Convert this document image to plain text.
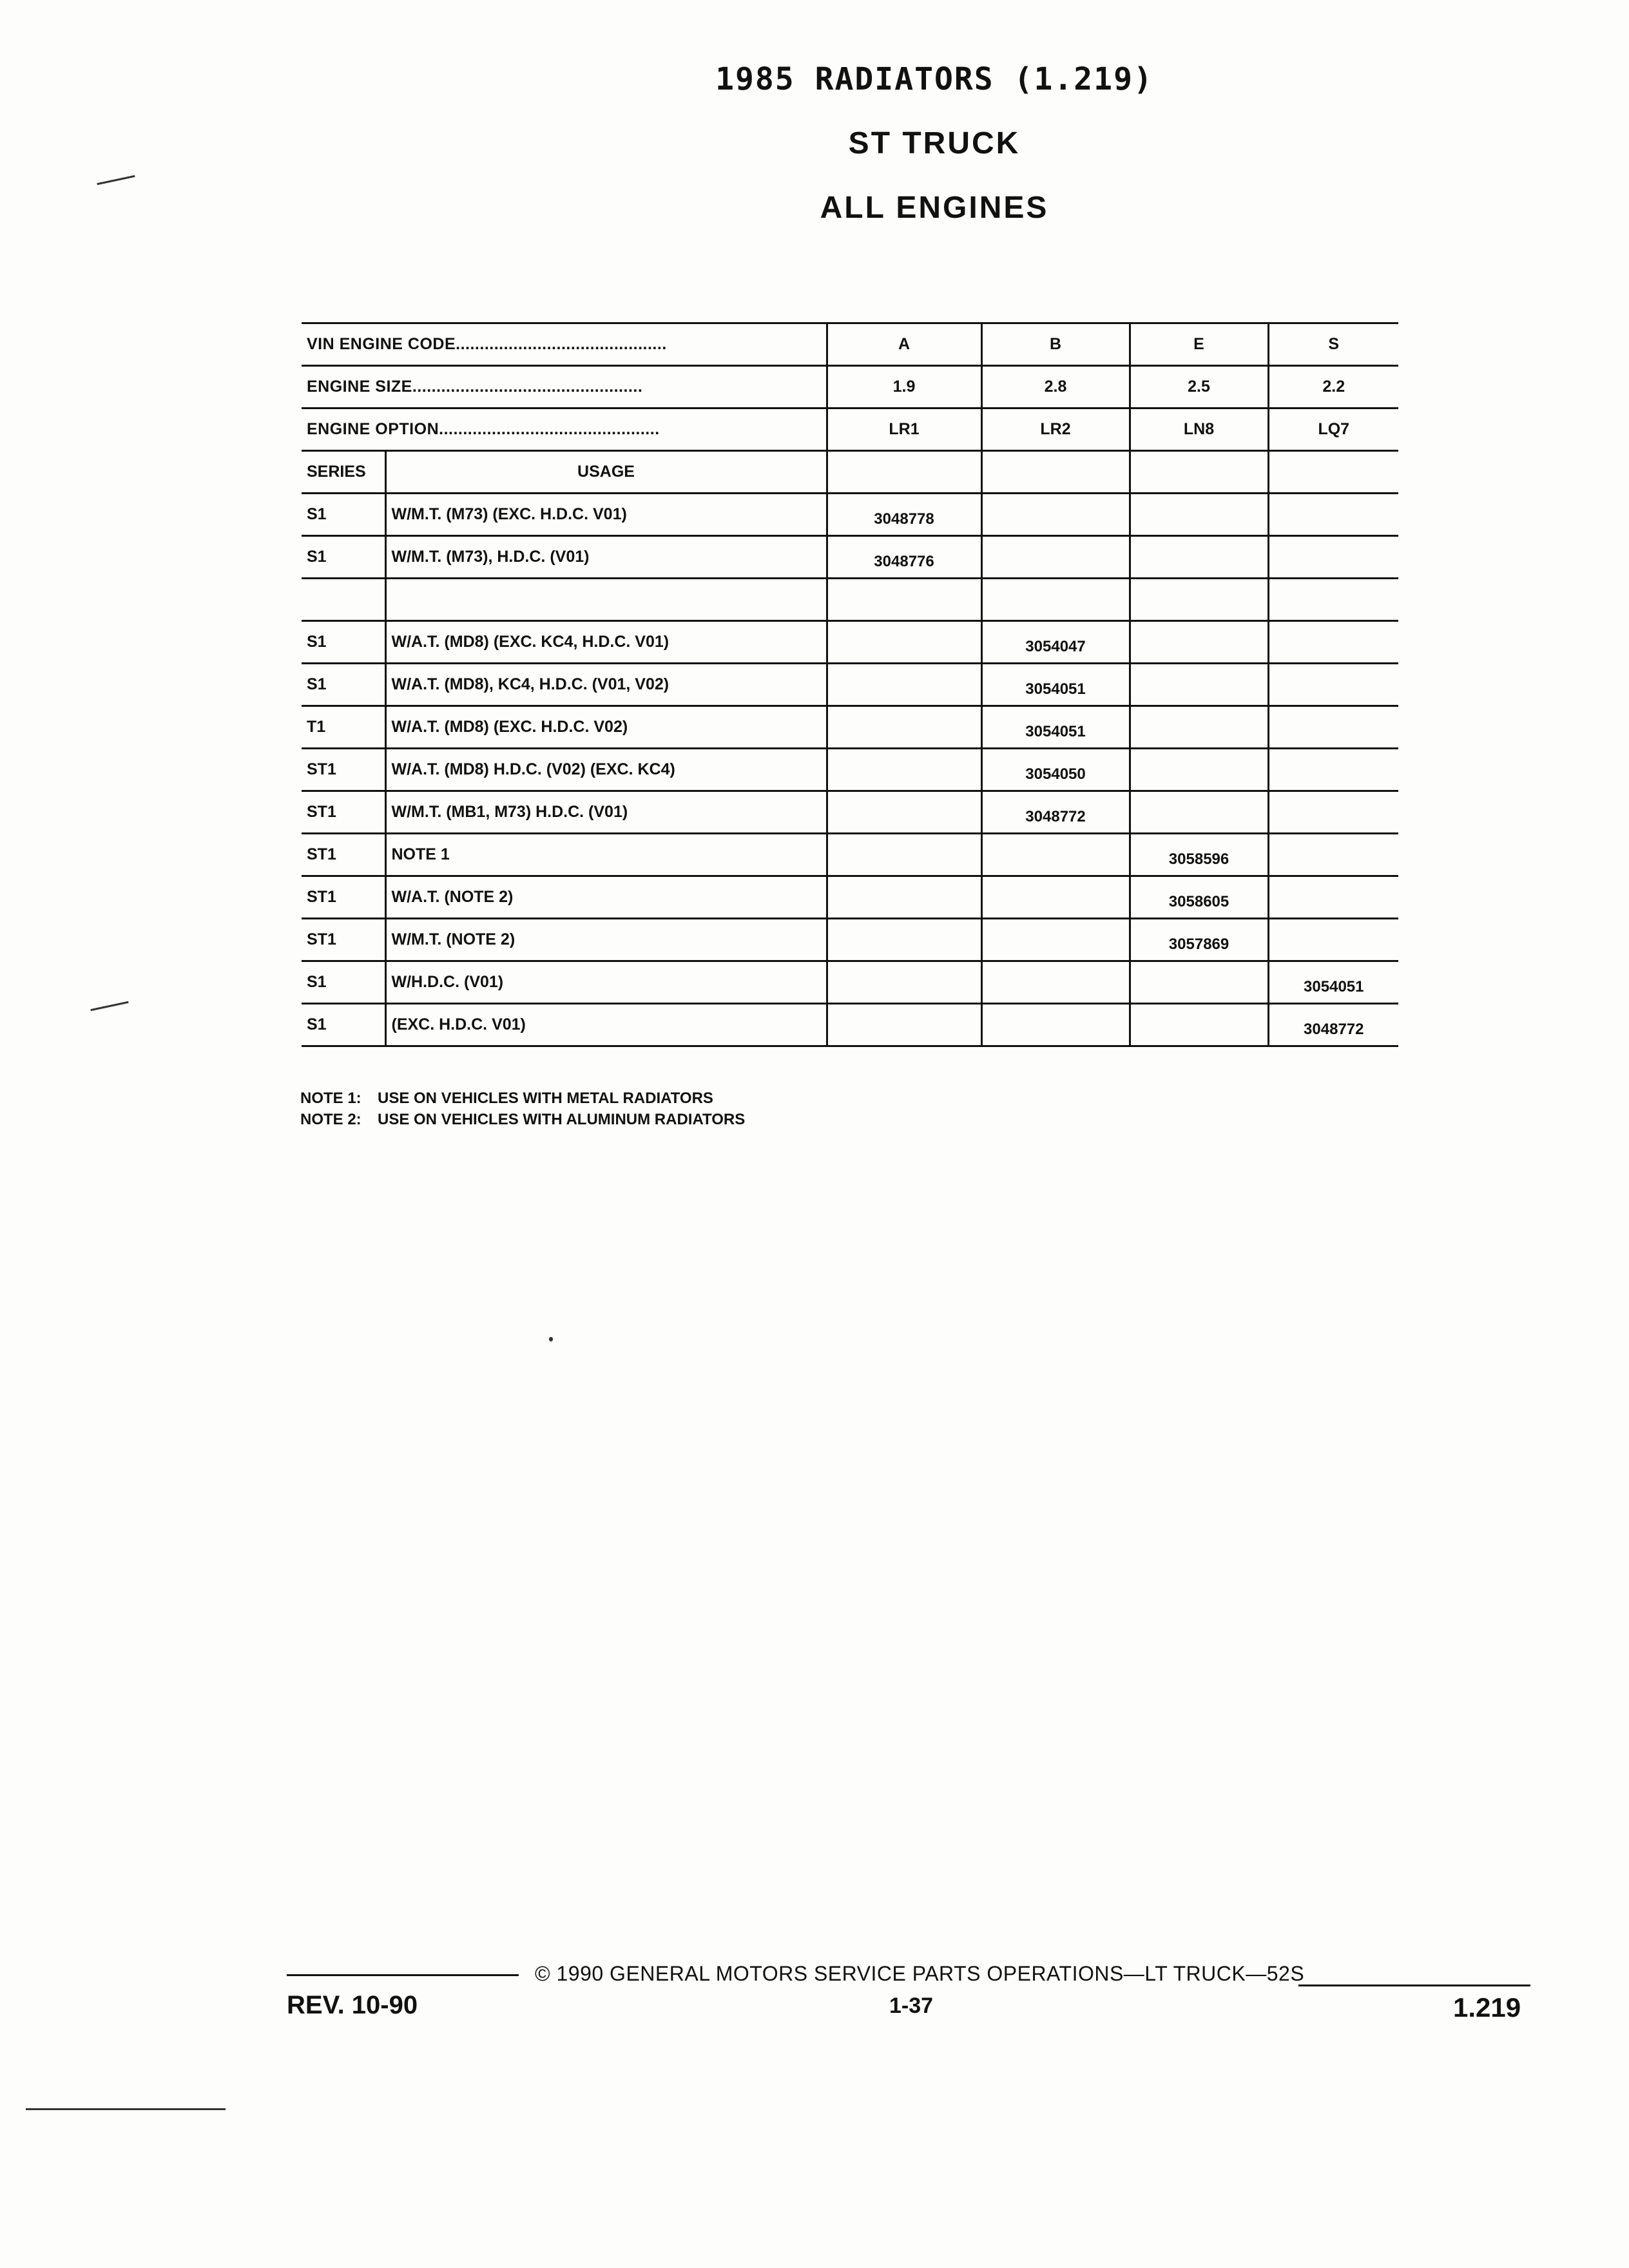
1985 RADIATORS (1.219)
ST TRUCK
ALL ENGINES
VIN ENGINE CODE............................................		A	B	E	S
ENGINE SIZE................................................		1.9	2.8	2.5	2.2
ENGINE OPTION..............................................		LR1	LR2	LN8	LQ7
SERIES	USAGE				
S1	W/M.T. (M73) (EXC. H.D.C. V01)	3048778			
S1	W/M.T. (M73), H.D.C. (V01)	3048776			

S1	W/A.T. (MD8) (EXC. KC4, H.D.C. V01)		3054047		
S1	W/A.T. (MD8), KC4, H.D.C. (V01, V02)		3054051		
T1	W/A.T. (MD8) (EXC. H.D.C. V02)		3054051		
ST1	W/A.T. (MD8) H.D.C. (V02) (EXC. KC4)		3054050		
ST1	W/M.T. (MB1, M73) H.D.C. (V01)		3048772		
ST1	NOTE 1			3058596	
ST1	W/A.T. (NOTE 2)			3058605	
ST1	W/M.T. (NOTE 2)			3057869	
S1	W/H.D.C. (V01)				3054051
S1	(EXC. H.D.C. V01)				3048772
NOTE 1: USE ON VEHICLES WITH METAL RADIATORS
NOTE 2: USE ON VEHICLES WITH ALUMINUM RADIATORS
REV. 10-90
© 1990 GENERAL MOTORS SERVICE PARTS OPERATIONS—LT TRUCK—52S
1-37	1.219
